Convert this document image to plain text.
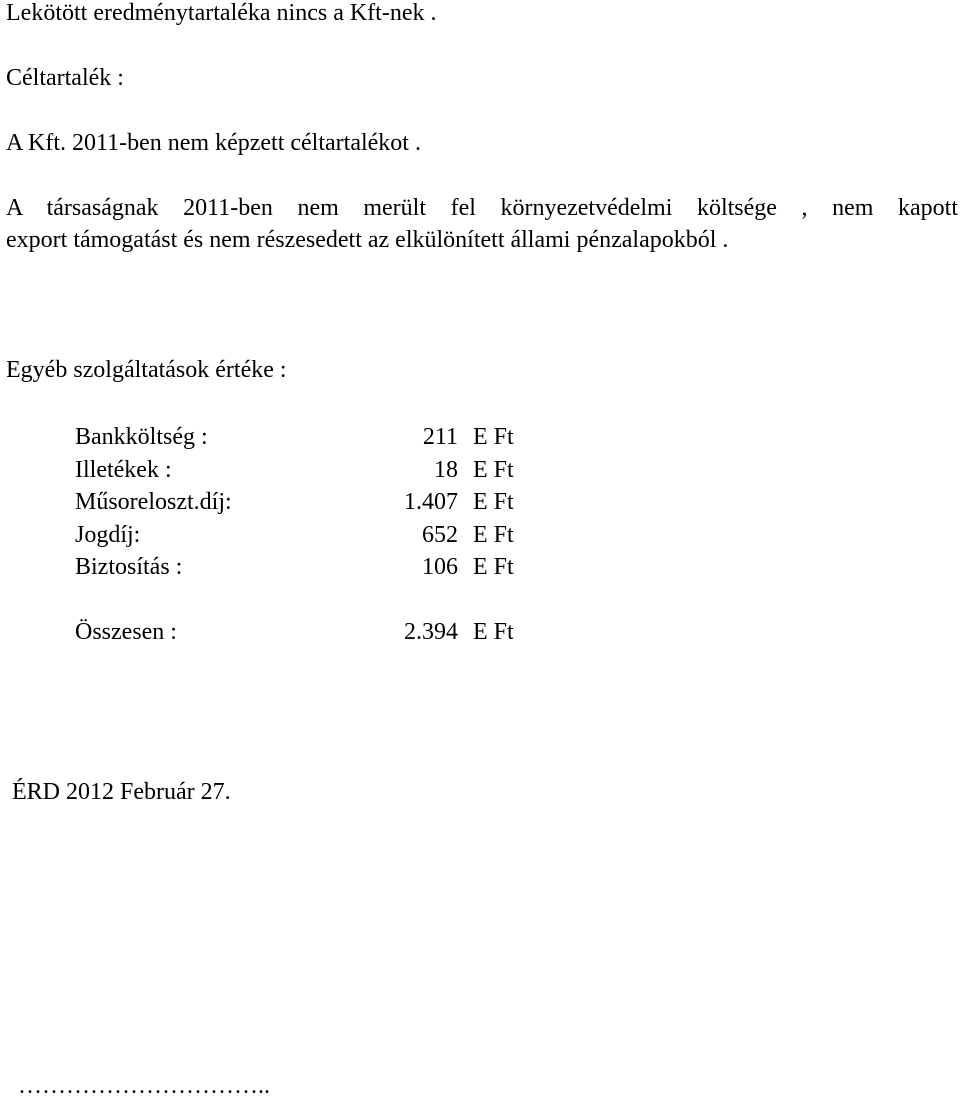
Lekötött eredménytartaléka nincs a Kft-nek .
Céltartalék :
A Kft. 2011-ben nem képzett céltartalékot .
A társaságnak 2011-ben nem merült fel környezetvédelmi költsége , nem kapott
export támogatást és nem részesedett az elkülönített állami pénzalapokból .
Egyéb szolgáltatások értéke :
Bankköltség :	211 E Ft
Illetékek :	18 E Ft
Műsoreloszt.díj:	1.407 E Ft
Jogdíj:	652 E Ft
Biztosítás :	106 E Ft
Összesen :	2.394 E Ft
ÉRD 2012 Február 27.
…………………………..
